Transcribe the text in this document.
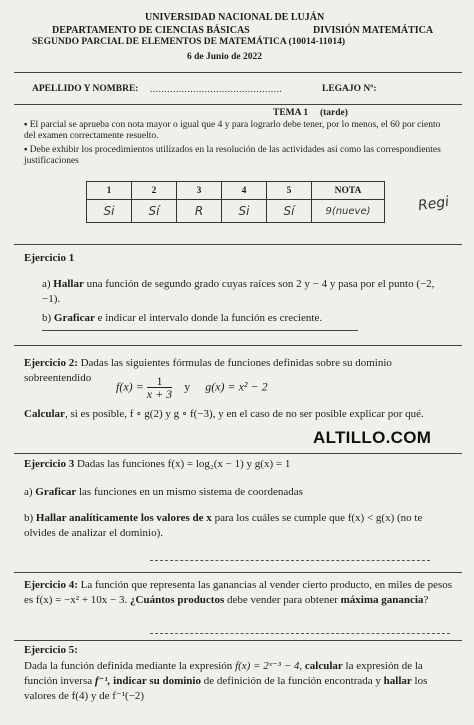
UNIVERSIDAD NACIONAL DE LUJÁN
DEPARTAMENTO DE CIENCIAS BÁSICAS	DIVISIÓN MATEMÁTICA
SEGUNDO PARCIAL DE ELEMENTOS DE MATEMÁTICA (10014-11014)
6 de Junio de 2022
APELLIDO Y NOMBRE: ..............................................	LEGAJO Nº:
TEMA 1 (tarde)
▪ El parcial se aprueba con nota mayor o igual que 4 y para lograrlo debe tener, por lo menos, el 60 por ciento del examen correctamente resuelto.
▪ Debe exhibir los procedimientos utilizados en la resolución de las actividades así como las correspondientes justificaciones
1	2	3	4	5	NOTA
Si	Sí	R	Si	Sí	9(nueve)	Regi
Ejercicio 1
a) Hallar una función de segundo grado cuyas raíces son 2 y − 4 y pasa por el punto (−2, −1).
b) Graficar e indicar el intervalo donde la función es creciente.
Ejercicio 2: Dadas las siguientes fórmulas de funciones definidas sobre su dominio sobreentendido
$f(x) = \frac{1}{x + 3}$ y g(x) = x² − 2
Calcular, si es posible, f ∘ g(2) y g ∘ f(−3), y en el caso de no ser posible explicar por qué.
ALTILLO.COM
Ejercicio 3 Dadas las funciones f(x) = log₂(x − 1) y g(x) = 1
a) Graficar las funciones en un mismo sistema de coordenadas
b) Hallar analíticamente los valores de x para los cuáles se cumple que f(x) < g(x) (no te olvides de analizar el dominio).
Ejercicio 4: La función que representa las ganancias al vender cierto producto, en miles de pesos es f(x) = −x² + 10x − 3. ¿Cuántos productos debe vender para obtener máxima ganancia?
Ejercicio 5:
Dada la función definida mediante la expresión f(x) = 2ˣ⁻³ − 4, calcular la expresión de la función inversa f⁻¹, indicar su dominio de definición de la función encontrada y hallar los valores de f(4) y de f⁻¹(−2)
